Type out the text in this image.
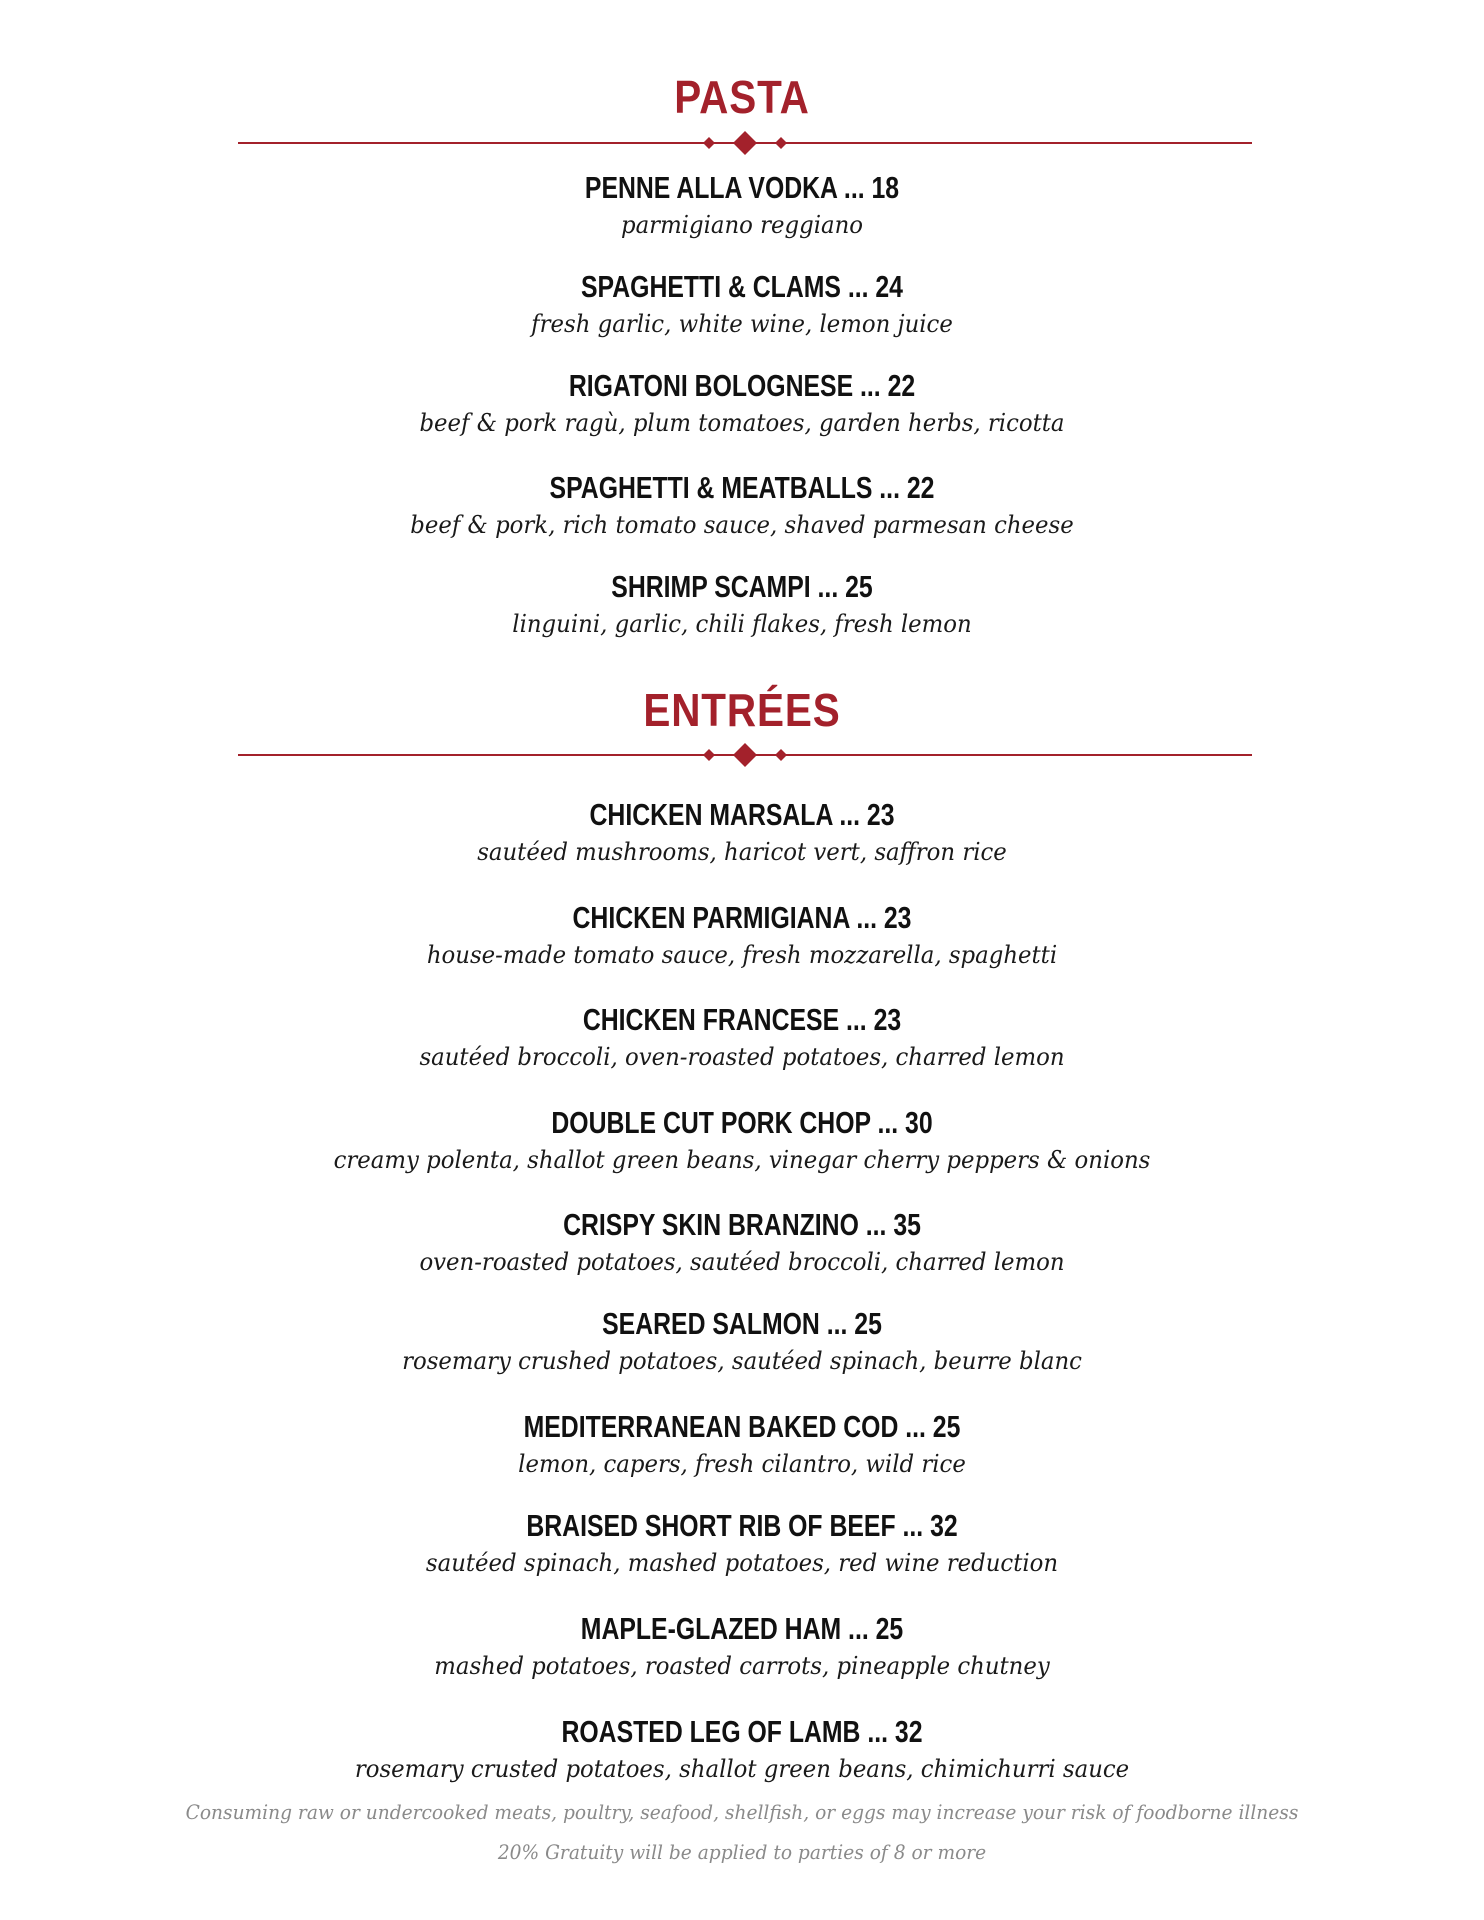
PASTA
PENNE ALLA VODKA ... 18
parmigiano reggiano
SPAGHETTI & CLAMS ... 24
fresh garlic, white wine, lemon juice
RIGATONI BOLOGNESE ... 22
beef & pork ragù, plum tomatoes, garden herbs, ricotta
SPAGHETTI & MEATBALLS ... 22
beef & pork, rich tomato sauce, shaved parmesan cheese
SHRIMP SCAMPI ... 25
linguini, garlic, chili flakes, fresh lemon
ENTRÉES
CHICKEN MARSALA ... 23
sautéed mushrooms, haricot vert, saffron rice
CHICKEN PARMIGIANA ... 23
house-made tomato sauce, fresh mozzarella, spaghetti
CHICKEN FRANCESE ... 23
sautéed broccoli, oven-roasted potatoes, charred lemon
DOUBLE CUT PORK CHOP ... 30
creamy polenta, shallot green beans, vinegar cherry peppers & onions
CRISPY SKIN BRANZINO ... 35
oven-roasted potatoes, sautéed broccoli, charred lemon
SEARED SALMON ... 25
rosemary crushed potatoes, sautéed spinach, beurre blanc
MEDITERRANEAN BAKED COD ... 25
lemon, capers, fresh cilantro, wild rice
BRAISED SHORT RIB OF BEEF ... 32
sautéed spinach, mashed potatoes, red wine reduction
MAPLE-GLAZED HAM ... 25
mashed potatoes, roasted carrots, pineapple chutney
ROASTED LEG OF LAMB ... 32
rosemary crusted potatoes, shallot green beans, chimichurri sauce
Consuming raw or undercooked meats, poultry, seafood, shellfish, or eggs may increase your risk of foodborne illness
20% Gratuity will be applied to parties of 8 or more
